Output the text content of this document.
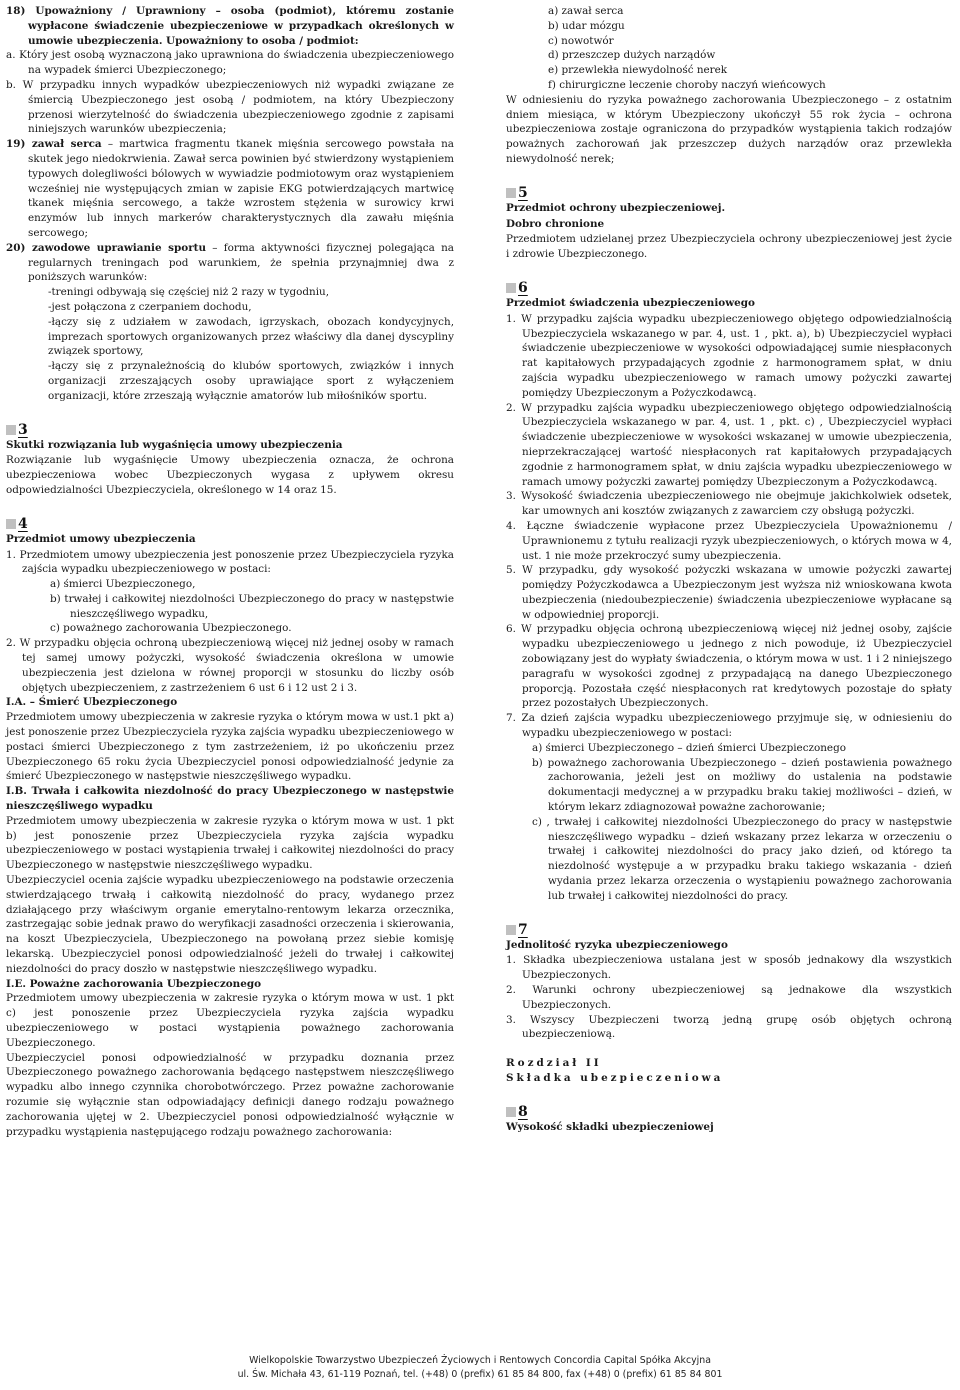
18) Upoważniony / Uprawniony – osoba (podmiot), któremu zostanie wypłacone świadczenie ubezpieczeniowe w przypadkach określonych w umowie ubezpieczenia. Upoważniony to osoba / podmiot:

a. Który jest osobą wyznaczoną jako uprawniona do świadczenia ubezpieczeniowego na wypadek śmierci Ubezpieczonego;

b. W przypadku innych wypadków ubezpieczeniowych niż wypadki związane ze śmiercią Ubezpieczonego jest osobą / podmiotem, na który Ubezpieczony przenosi wierzytelność do świadczenia ubezpieczeniowego zgodnie z zapisami niniejszych warunków ubezpieczenia;

19) zawał serca – martwica fragmentu tkanek mięśnia sercowego powstała na skutek jego niedokrwienia. Zawał serca powinien być stwierdzony wystąpieniem typowych dolegliwości bólowych w wywiadzie podmiotowym oraz wystąpieniem wcześniej nie występujących zmian w zapisie EKG potwierdzających martwicę tkanek mięśnia sercowego, a także wzrostem stężenia w surowicy krwi enzymów lub innych markerów charakterystycznych dla zawału mięśnia sercowego;

20) zawodowe uprawianie sportu – forma aktywności fizycznej polegająca na regularnych treningach pod warunkiem, że spełnia przynajmniej dwa z poniższych warunków:

-treningi odbywają się częściej niż 2 razy w tygodniu,

-jest połączona z czerpaniem dochodu,

-łączy się z udziałem w zawodach, igrzyskach, obozach kondycyjnych, imprezach sportowych organizowanych przez właściwy dla danej dyscypliny związek sportowy,

-łączy się z przynależnością do klubów sportowych, związków i innych organizacji zrzeszających osoby uprawiające sport z wyłączeniem organizacji, które zrzeszają wyłącznie amatorów lub miłośników sportu.

3

Skutki rozwiązania lub wygaśnięcia umowy ubezpieczenia

Rozwiązanie lub wygaśnięcie Umowy ubezpieczenia oznacza, że ochrona ubezpieczeniowa wobec Ubezpieczonych wygasa z upływem okresu odpowiedzialności Ubezpieczyciela, określonego w 14 oraz 15.

4

Przedmiot umowy ubezpieczenia

1. Przedmiotem umowy ubezpieczenia jest ponoszenie przez Ubezpieczyciela ryzyka zajścia wypadku ubezpieczeniowego w postaci:

a) śmierci Ubezpieczonego,

b) trwałej i całkowitej niezdolności Ubezpieczonego do pracy w następstwie nieszczęśliwego wypadku,

c) poważnego zachorowania Ubezpieczonego.

2. W przypadku objęcia ochroną ubezpieczeniową więcej niż jednej osoby w ramach tej samej umowy pożyczki, wysokość świadczenia określona w umowie ubezpieczenia jest dzielona w równej proporcji w stosunku do liczby osób objętych ubezpieczeniem, z zastrzeżeniem 6 ust 6 i 12 ust 2 i 3.

I.A. – Śmierć Ubezpieczonego

Przedmiotem umowy ubezpieczenia w zakresie ryzyka o którym mowa w ust.1 pkt a) jest ponoszenie przez Ubezpieczyciela ryzyka zajścia wypadku ubezpieczeniowego w postaci śmierci Ubezpieczonego z tym zastrzeżeniem, iż po ukończeniu przez Ubezpieczonego 65 roku życia Ubezpieczyciel ponosi odpowiedzialność jedynie za śmierć Ubezpieczonego w następstwie nieszczęśliwego wypadku.

I.B. Trwała i całkowita niezdolność do pracy Ubezpieczonego w następstwie nieszczęśliwego wypadku

Przedmiotem umowy ubezpieczenia w zakresie ryzyka o którym mowa w ust. 1 pkt b) jest ponoszenie przez Ubezpieczyciela ryzyka zajścia wypadku ubezpieczeniowego w postaci wystąpienia trwałej i całkowitej niezdolności do pracy Ubezpieczonego w następstwie nieszczęśliwego wypadku.

Ubezpieczyciel ocenia zajście wypadku ubezpieczeniowego na podstawie orzeczenia stwierdzającego trwałą i całkowitą niezdolność do pracy, wydanego przez działającego przy właściwym organie emerytalno-rentowym lekarza orzecznika, zastrzegając sobie jednak prawo do weryfikacji zasadności orzeczenia i skierowania, na koszt Ubezpieczyciela, Ubezpieczonego na powołaną przez siebie komisję lekarską. Ubezpieczyciel ponosi odpowiedzialność jeżeli do trwałej i całkowitej niezdolności do pracy doszło w następstwie nieszczęśliwego wypadku.

I.E. Poważne zachorowania Ubezpieczonego

Przedmiotem umowy ubezpieczenia w zakresie ryzyka o którym mowa w ust. 1 pkt c) jest ponoszenie przez Ubezpieczyciela ryzyka zajścia wypadku ubezpieczeniowego w postaci wystąpienia poważnego zachorowania Ubezpieczonego.

Ubezpieczyciel ponosi odpowiedzialność w przypadku doznania przez Ubezpieczonego poważnego zachorowania będącego następstwem nieszczęśliwego wypadku albo innego czynnika chorobotwórczego. Przez poważne zachorowanie rozumie się wyłącznie stan odpowiadający definicji danego rodzaju poważnego zachorowania ujętej w 2. Ubezpieczyciel ponosi odpowiedzialność wyłącznie w przypadku wystąpienia następującego rodzaju poważnego zachorowania:

a) zawał serca

b) udar mózgu

c) nowotwór

d) przeszczep dużych narządów

e) przewlekła niewydolność nerek

f) chirurgiczne leczenie choroby naczyń wieńcowych

W odniesieniu do ryzyka poważnego zachorowania Ubezpieczonego – z ostatnim dniem miesiąca, w którym Ubezpieczony ukończył 55 rok życia – ochrona ubezpieczeniowa zostaje ograniczona do przypadków wystąpienia takich rodzajów poważnych zachorowań jak przeszczep dużych narządów oraz przewlekła niewydolność nerek;

5

Przedmiot ochrony ubezpieczeniowej.

Dobro chronione

Przedmiotem udzielanej przez Ubezpieczyciela ochrony ubezpieczeniowej jest życie i zdrowie Ubezpieczonego.

6

Przedmiot świadczenia ubezpieczeniowego

1. W przypadku zajścia wypadku ubezpieczeniowego objętego odpowiedzialnością Ubezpieczyciela wskazanego w par. 4, ust. 1 , pkt. a), b) Ubezpieczyciel wypłaci świadczenie ubezpieczeniowe w wysokości odpowiadającej sumie niespłaconych rat kapitałowych przypadających zgodnie z harmonogramem spłat, w dniu zajścia wypadku ubezpieczeniowego w ramach umowy pożyczki zawartej pomiędzy Ubezpieczonym a Pożyczkodawcą.

2. W przypadku zajścia wypadku ubezpieczeniowego objętego odpowiedzialnością Ubezpieczyciela wskazanego w par. 4, ust. 1 , pkt. c) , Ubezpieczyciel wypłaci świadczenie ubezpieczeniowe w wysokości wskazanej w umowie ubezpieczenia, nieprzekraczającej wartość niespłaconych rat kapitałowych przypadających zgodnie z harmonogramem spłat, w dniu zajścia wypadku ubezpieczeniowego w ramach umowy pożyczki zawartej pomiędzy Ubezpieczonym a Pożyczkodawcą.

3. Wysokość świadczenia ubezpieczeniowego nie obejmuje jakichkolwiek odsetek, kar umownych ani kosztów związanych z zawarciem czy obsługą pożyczki.

4. Łączne świadczenie wypłacone przez Ubezpieczyciela Upoważnionemu / Uprawnionemu z tytułu realizacji ryzyk ubezpieczeniowych, o których mowa w 4, ust. 1 nie może przekroczyć sumy ubezpieczenia.

5. W przypadku, gdy wysokość pożyczki wskazana w umowie pożyczki zawartej pomiędzy Pożyczkodawca a Ubezpieczonym jest wyższa niż wnioskowana kwota ubezpieczenia (niedoubezpieczenie) świadczenia ubezpieczeniowe wypłacane są w odpowiedniej proporcji.

6. W przypadku objęcia ochroną ubezpieczeniową więcej niż jednej osoby, zajście wypadku ubezpieczeniowego u jednego z nich powoduje, iż Ubezpieczyciel zobowiązany jest do wypłaty świadczenia, o którym mowa w ust. 1 i 2 niniejszego paragrafu w wysokości zgodnej z przypadającą na danego Ubezpieczonego proporcją. Pozostała część niespłaconych rat kredytowych pozostaje do spłaty przez pozostałych Ubezpieczonych.

7. Za dzień zajścia wypadku ubezpieczeniowego przyjmuje się, w odniesieniu do wypadku ubezpieczeniowego w postaci:

a) śmierci Ubezpieczonego – dzień śmierci Ubezpieczonego

b) poważnego zachorowania Ubezpieczonego – dzień postawienia poważnego zachorowania, jeżeli jest on możliwy do ustalenia na podstawie dokumentacji medycznej a w przypadku braku takiej możliwości – dzień, w którym lekarz zdiagnozował poważne zachorowanie;

c) , trwałej i całkowitej niezdolności Ubezpieczonego do pracy w następstwie nieszczęśliwego wypadku – dzień wskazany przez lekarza w orzeczeniu o trwałej i całkowitej niezdolności do pracy jako dzień, od którego ta niezdolność występuje a w przypadku braku takiego wskazania - dzień wydania przez lekarza orzeczenia o wystąpieniu poważnego zachorowania lub trwałej i całkowitej niezdolności do pracy.

7

Jednolitość ryzyka ubezpieczeniowego

1. Składka ubezpieczeniowa ustalana jest w sposób jednakowy dla wszystkich Ubezpieczonych.

2. Warunki ochrony ubezpieczeniowej są jednakowe dla wszystkich Ubezpieczonych.

3. Wszyscy Ubezpieczeni tworzą jedną grupę osób objętych ochroną ubezpieczeniową.

Rozdział II

Składka ubezpieczeniowa

8

Wysokość składki ubezpieczeniowej

Wielkopolskie Towarzystwo Ubezpieczeń Życiowych i Rentowych Concordia Capital Spółka Akcyjna
ul. Św. Michała 43, 61-119 Poznań, tel. (+48) 0 (prefix) 61 85 84 800, fax (+48) 0 (prefix) 61 85 84 801
